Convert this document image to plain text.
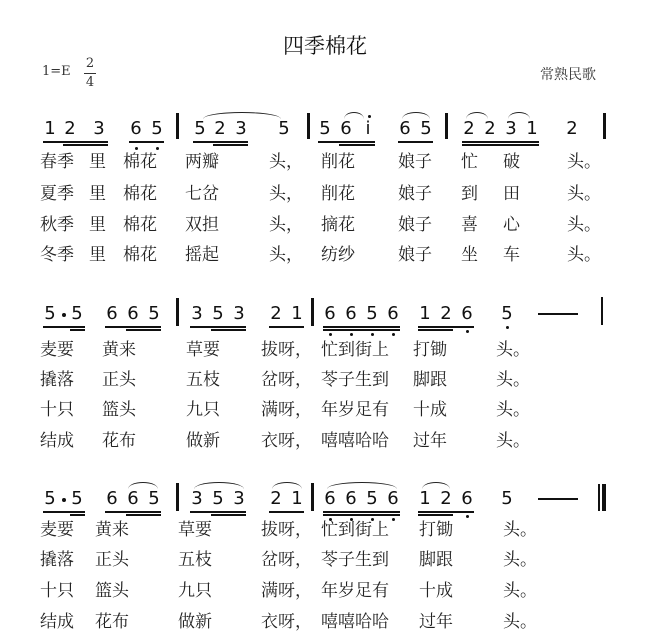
四季棉花
1=E
2
4	常熟民歌
1 2 3 6 5 5 2 3 5 5 6 i 6 5 2 2 3 1 2
春季 里 棉花 两瓣	头， 削花	娘子 忙 破	头。
夏季 里 棉花 七岔	头， 削花	娘子 到 田	头。
秋季 里 棉花 双担	头， 摘花	娘子 喜 心	头。
冬季 里 棉花 摇起	头， 纺纱	娘子 坐 车	头。
5 5 6 6 5 3 5 3 2 1 6 6 5 6 1 2 6 5
麦要 黄来	草要 拔呀， 忙到街上 打锄	头。
撬落 正头	五枝 岔呀， 苓子生到 脚跟	头。
十只 篮头	九只 满呀， 年岁足有 十成	头。
结成 花布	做新 衣呀， 嘻嘻哈哈 过年	头。
5 5 6 6 5 3 5 3 2 1 6 6 5 6 1 2 6 5
麦要 黄来	草要	拔呀， 忙到街上 打锄	头。
撬落 正头	五枝	岔呀， 苓子生到 脚跟	头。
十只 篮头	九只	满呀， 年岁足有 十成	头。
结成 花布	做新	衣呀， 嘻嘻哈哈 过年	头。
